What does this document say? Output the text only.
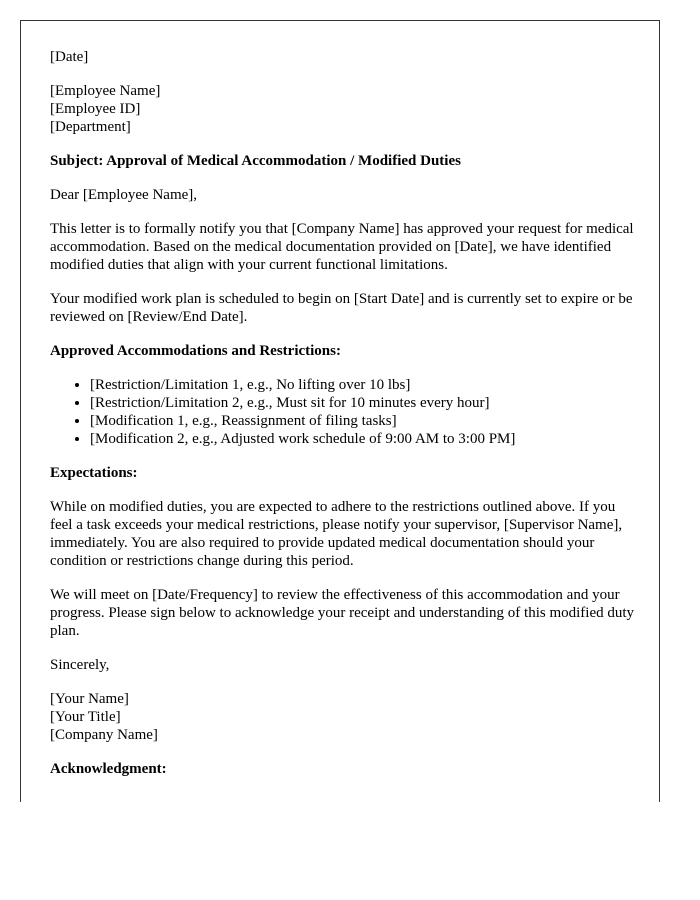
[Date]

[Employee Name]
[Employee ID]
[Department]

Subject: Approval of Medical Accommodation / Modified Duties

Dear [Employee Name],

This letter is to formally notify you that [Company Name] has approved your request for medical accommodation. Based on the medical documentation provided on [Date], we have identified modified duties that align with your current functional limitations.

Your modified work plan is scheduled to begin on [Start Date] and is currently set to expire or be reviewed on [Review/End Date].

Approved Accommodations and Restrictions:

• [Restriction/Limitation 1, e.g., No lifting over 10 lbs]
• [Restriction/Limitation 2, e.g., Must sit for 10 minutes every hour]
• [Modification 1, e.g., Reassignment of filing tasks]
• [Modification 2, e.g., Adjusted work schedule of 9:00 AM to 3:00 PM]

Expectations:

While on modified duties, you are expected to adhere to the restrictions outlined above. If you feel a task exceeds your medical restrictions, please notify your supervisor, [Supervisor Name], immediately. You are also required to provide updated medical documentation should your condition or restrictions change during this period.

We will meet on [Date/Frequency] to review the effectiveness of this accommodation and your progress. Please sign below to acknowledge your receipt and understanding of this modified duty plan.

Sincerely,

[Your Name]
[Your Title]
[Company Name]

Acknowledgment:
